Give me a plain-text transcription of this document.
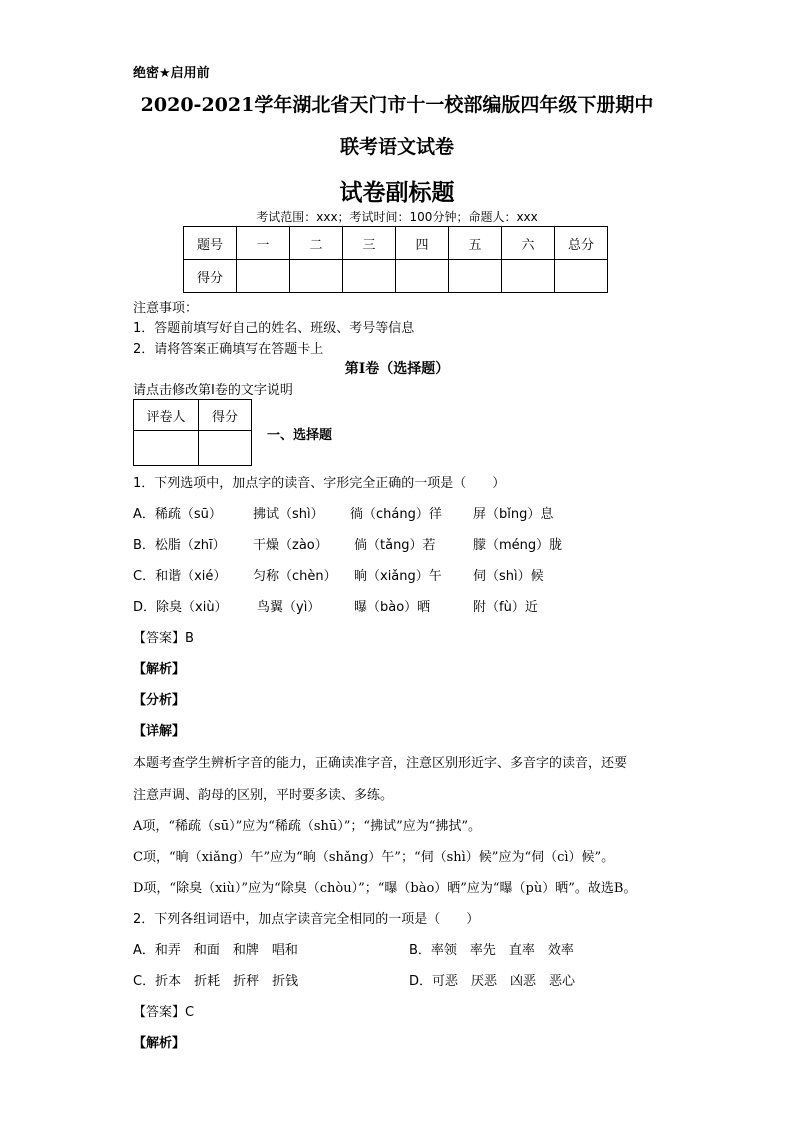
绝密★启用前
2020-2021学年湖北省天门市十一校部编版四年级下册期中
联考语文试卷
试卷副标题
考试范围：xxx；考试时间：100分钟；命题人：xxx
题号	一	二	三	四	五	六	总分
得分							
注意事项：
1．答题前填写好自己的姓名、班级、考号等信息
2．请将答案正确填写在答题卡上
第I卷（选择题）
请点击修改第I卷的文字说明
评卷人	得分

一、选择题
1．下列选项中，加点字的读音、字形完全正确的一项是（　　）
A．稀疏（sū） 拂试（shì） 徜（cháng）徉 屏（bǐng）息
B．松脂（zhī） 干燥（zào） 倘（tǎng）若	朦（méng）胧
C．和谐（xié） 匀称（chèn） 晌（xiǎng）午 伺（shì）候
D．除臭（xiù） 鸟翼（yì）	曝（bào）晒	附（fù）近
【答案】B
【解析】
【分析】
【详解】
本题考查学生辨析字音的能力，正确读准字音，注意区别形近字、多音字的读音，还要
注意声调、韵母的区别，平时要多读、多练。
A项，“稀疏（sū）”应为“稀疏（shū）”；“拂试”应为“拂拭”。
C项，“晌（xiǎng）午”应为“晌（shǎng）午”；“伺（shì）候”应为“伺（cì）候”。
D项，“除臭（xiù）”应为“除臭（chòu）”；“曝（bào）晒”应为“曝（pù）晒”。故选B。
2．下列各组词语中，加点字读音完全相同的一项是（　　）
A．和弄　和面　和牌　唱和	B．率领　率先　直率　效率
C．折本　折耗　折秤　折钱	D．可恶　厌恶　凶恶　恶心
【答案】C
【解析】
